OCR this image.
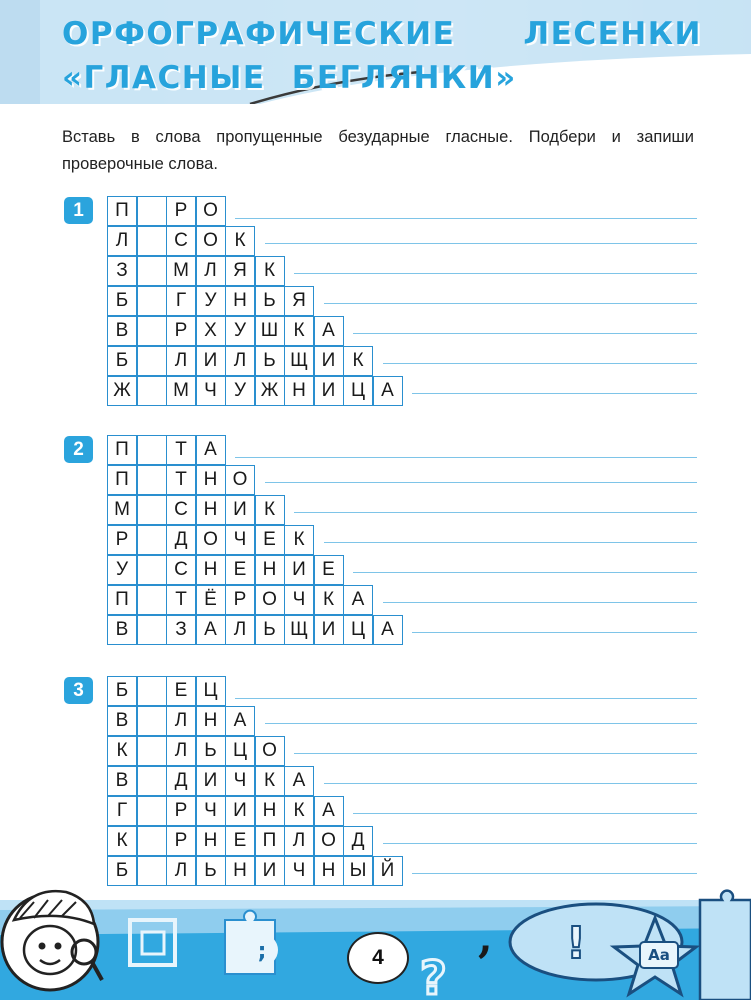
ОРФОГРАФИЧЕСКИЕ ЛЕСЕНКИ
«ГЛАСНЫЕ БЕГЛЯНКИ»

Вставь в слова пропущенные безударные гласные. Подбери и запиши проверочные слова.

1	П	Р О
Л	С О К
З	М Л Я К
Б	Г У Н Ь Я
В	Р Х У Ш К А
Б	Л И Л Ь Щ И К
Ж	М Ч У Ж Н И Ц А
2	П	Т А
П	Т Н О
М	С Н И К
Р	Д О Ч Е К
У	С Н Е Н И Е
П	Т Ё Р О Ч К А
В	З А Л Ь Щ И Ц А
3	Б	Е Ц
В	Л Н А
К	Л Ь Ц О
В	Д И Ч К А
Г	Р Ч И Н К А
К	Р Н Е П Л О Д
Б	Л Ь Н И Ч Н Ы Й
;	,
?
!	Aa
4
